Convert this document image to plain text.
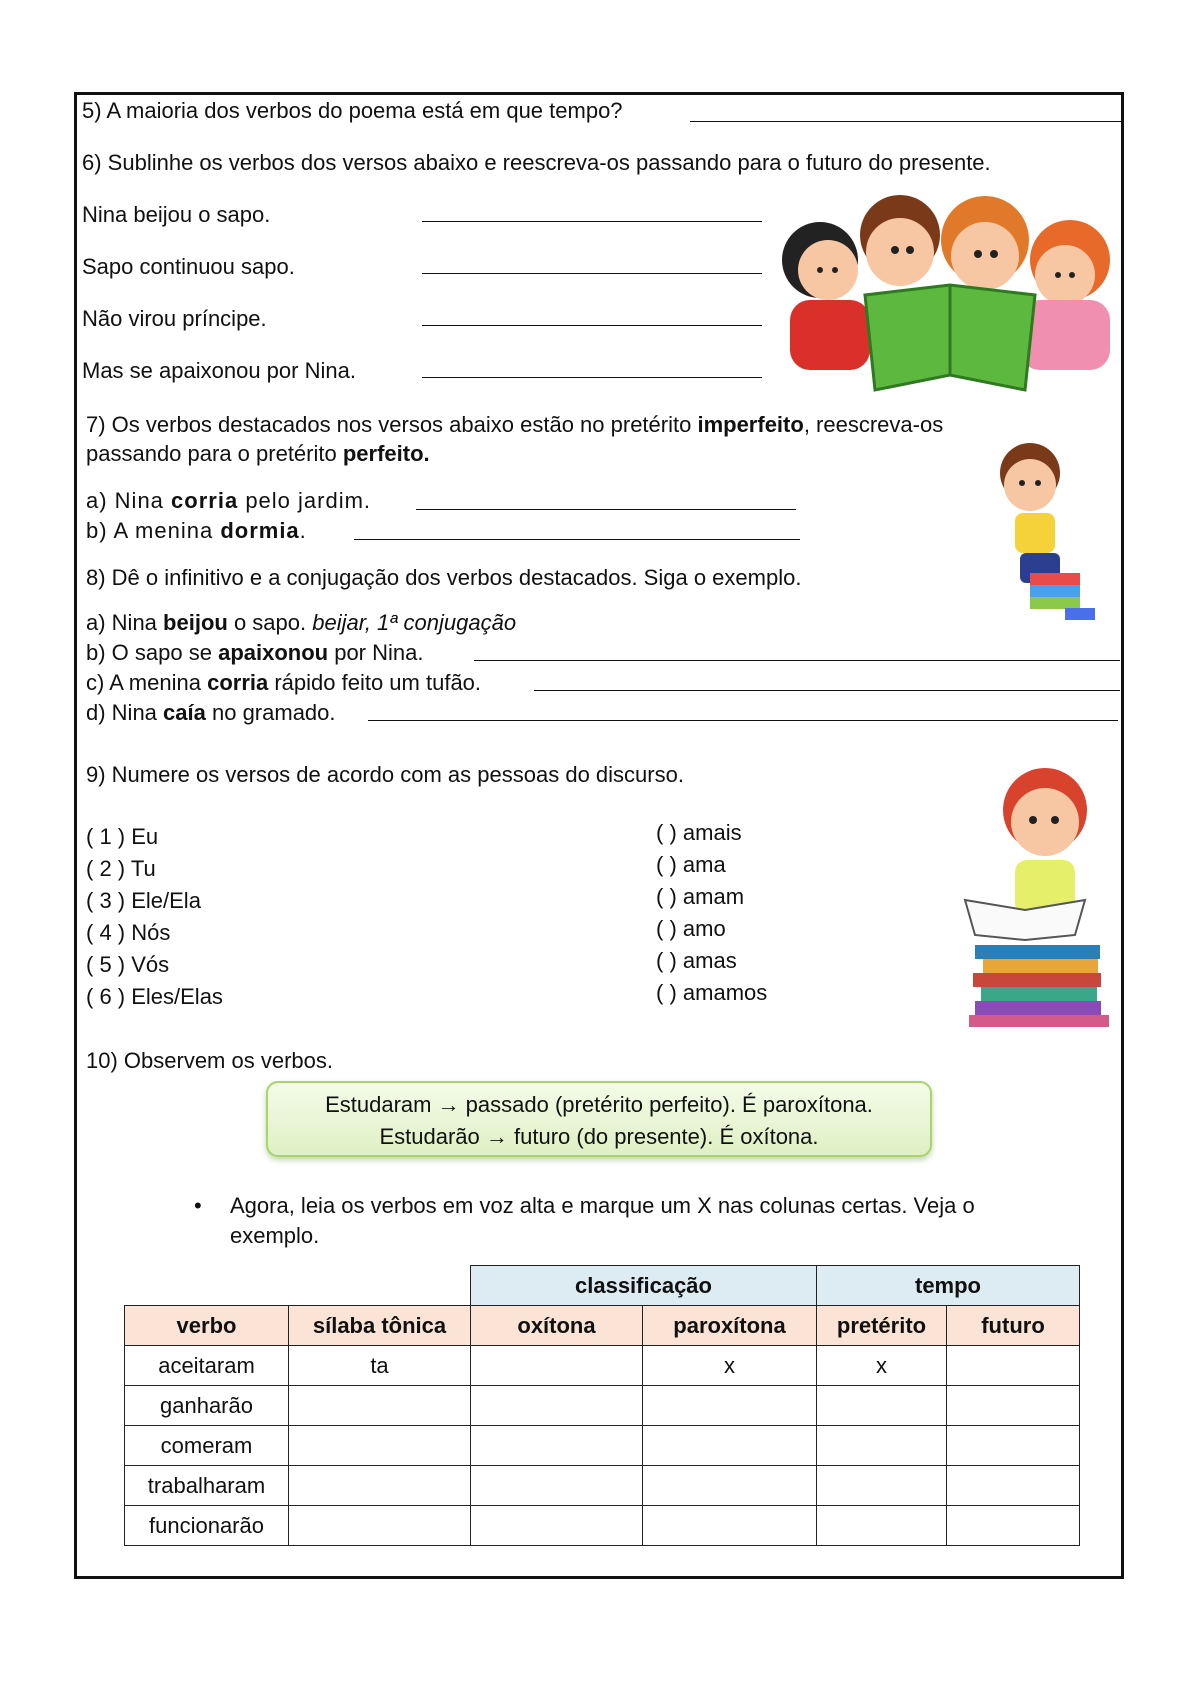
5) A maioria dos verbos do poema está em que tempo?
6) Sublinhe os verbos dos versos abaixo e reescreva-os passando para o futuro do presente.
Nina beijou o sapo.
Sapo continuou sapo.
Não virou príncipe.
Mas se apaixonou por Nina.
7) Os verbos destacados nos versos abaixo estão no pretérito imperfeito, reescreva-os
passando para o pretérito perfeito.
a) Nina corria pelo jardim.
b) A menina dormia.
8) Dê o infinitivo e a conjugação dos verbos destacados. Siga o exemplo.
a) Nina beijou o sapo. beijar, 1ª conjugação
b) O sapo se apaixonou por Nina.
c) A menina corria rápido feito um tufão.
d) Nina caía no gramado.
9) Numere os versos de acordo com as pessoas do discurso.
( 1 ) Eu
( 2 ) Tu
( 3 ) Ele/Ela
( 4 ) Nós
( 5 ) Vós
( 6 ) Eles/Elas
( ) amais
( ) ama
( ) amam
( ) amo
( ) amas
( ) amamos
10) Observem os verbos.
Estudaram → passado (pretérito perfeito). É paroxítona.
Estudarão → futuro (do presente). É oxítona.
• Agora, leia os verbos em voz alta e marque um X nas colunas certas. Veja o
exemplo.
		classificação		tempo	
verbo	sílaba tônica	oxítona	paroxítona	pretérito	futuro
aceitaram	ta		x	x	
ganharão					
comeram					
trabalharam					
funcionarão					
